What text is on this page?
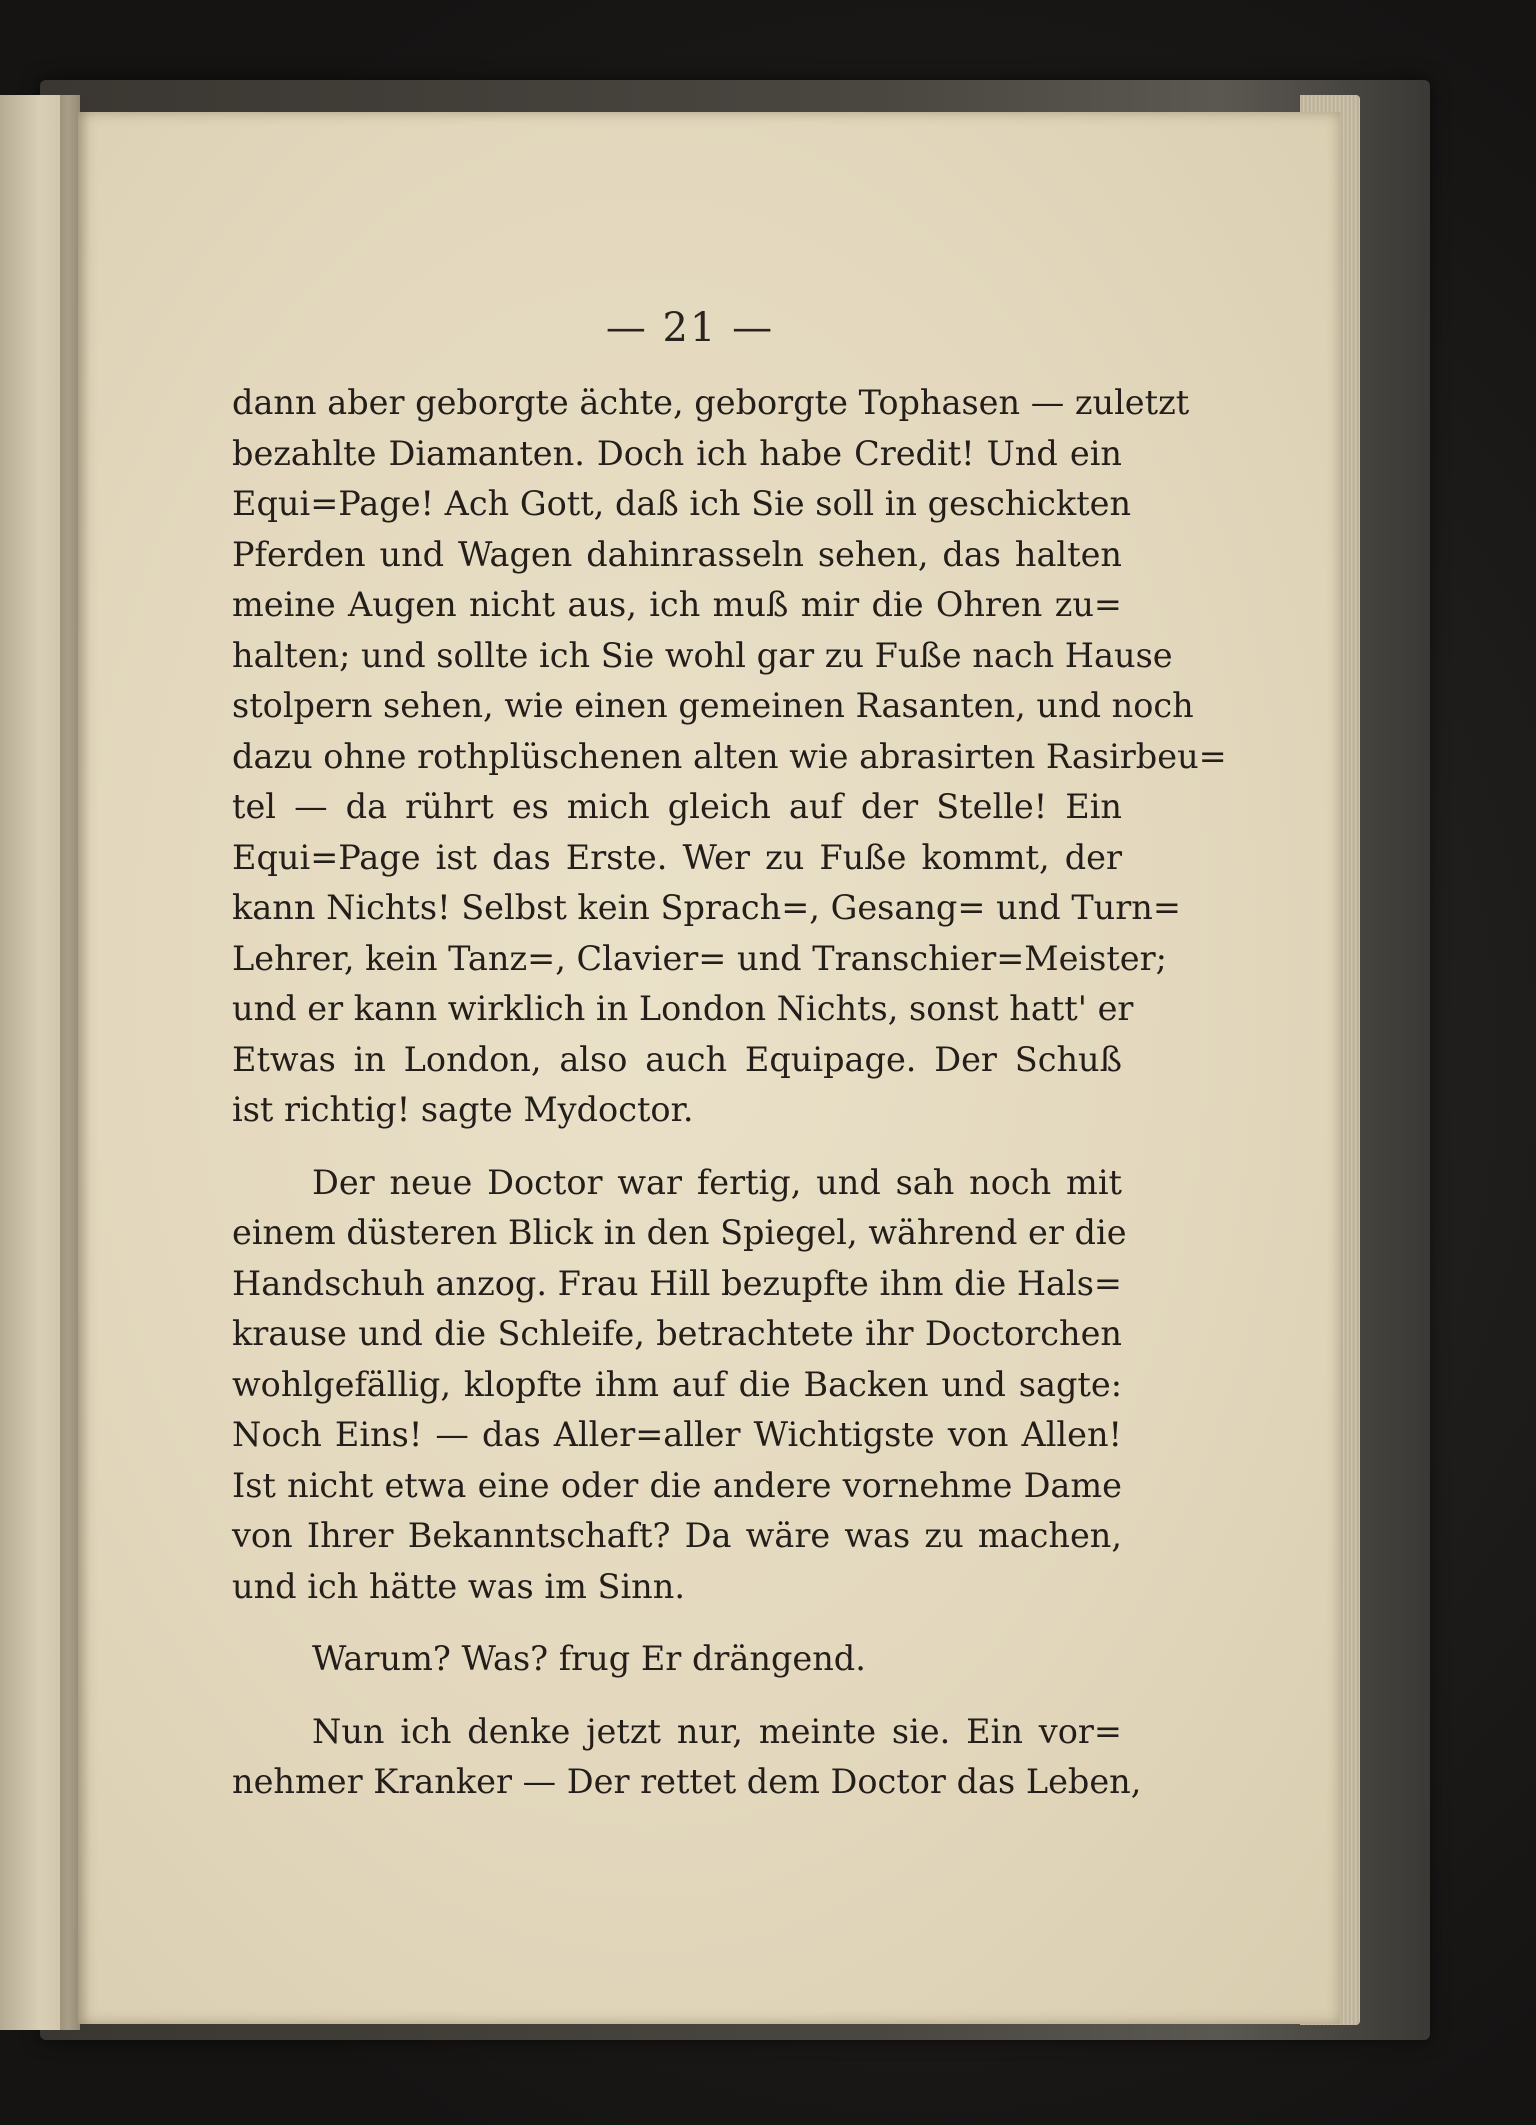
— 21 —
dann aber geborgte ächte, geborgte Tophasen — zuletzt
bezahlte Diamanten. Doch ich habe Credit! Und ein
Equi=Page! Ach Gott, daß ich Sie soll in geschickten
Pferden und Wagen dahinrasseln sehen, das halten
meine Augen nicht aus, ich muß mir die Ohren zu=
halten; und sollte ich Sie wohl gar zu Fuße nach Hause
stolpern sehen, wie einen gemeinen Rasanten, und noch
dazu ohne rothplüschenen alten wie abrasirten Rasirbeu=
tel — da rührt es mich gleich auf der Stelle! Ein
Equi=Page ist das Erste. Wer zu Fuße kommt, der
kann Nichts! Selbst kein Sprach=, Gesang= und Turn=
Lehrer, kein Tanz=, Clavier= und Transchier=Meister;
und er kann wirklich in London Nichts, sonst hatt' er
Etwas in London, also auch Equipage. Der Schuß
ist richtig! sagte Mydoctor.
Der neue Doctor war fertig, und sah noch mit
einem düsteren Blick in den Spiegel, während er die
Handschuh anzog. Frau Hill bezupfte ihm die Hals=
krause und die Schleife, betrachtete ihr Doctorchen
wohlgefällig, klopfte ihm auf die Backen und sagte:
Noch Eins! — das Aller=aller Wichtigste von Allen!
Ist nicht etwa eine oder die andere vornehme Dame
von Ihrer Bekanntschaft? Da wäre was zu machen,
und ich hätte was im Sinn.
Warum? Was? frug Er drängend.
Nun ich denke jetzt nur, meinte sie. Ein vor=
nehmer Kranker — Der rettet dem Doctor das Leben,
